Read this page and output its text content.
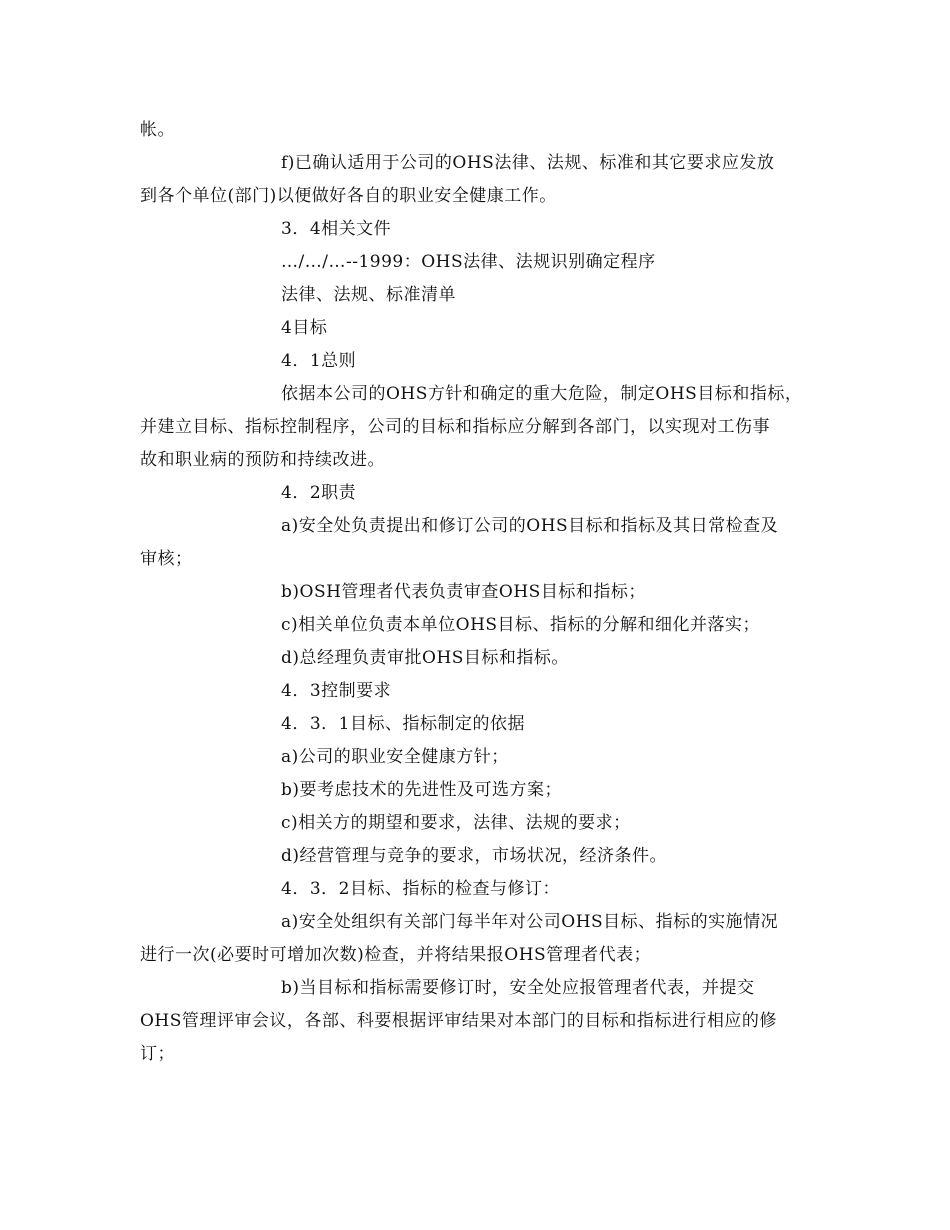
帐。
f)已确认适用于公司的OHS法律、法规、标准和其它要求应发放
到各个单位(部门)以便做好各自的职业安全健康工作。
3．4相关文件
…/…/…--1999：OHS法律、法规识别确定程序
法律、法规、标准清单
4目标
4．1总则
依据本公司的OHS方针和确定的重大危险，制定OHS目标和指标，
并建立目标、指标控制程序，公司的目标和指标应分解到各部门，以实现对工伤事
故和职业病的预防和持续改进。
4．2职责
a)安全处负责提出和修订公司的OHS目标和指标及其日常检查及
审核；
b)OSH管理者代表负责审查OHS目标和指标；
c)相关单位负责本单位OHS目标、指标的分解和细化并落实；
d)总经理负责审批OHS目标和指标。
4．3控制要求
4．3．1目标、指标制定的依据
a)公司的职业安全健康方针；
b)要考虑技术的先进性及可选方案；
c)相关方的期望和要求，法律、法规的要求；
d)经营管理与竞争的要求，市场状况，经济条件。
4．3．2目标、指标的检查与修订：
a)安全处组织有关部门每半年对公司OHS目标、指标的实施情况
进行一次(必要时可增加次数)检查，并将结果报OHS管理者代表；
b)当目标和指标需要修订时，安全处应报管理者代表，并提交
OHS管理评审会议，各部、科要根据评审结果对本部门的目标和指标进行相应的修
订；
